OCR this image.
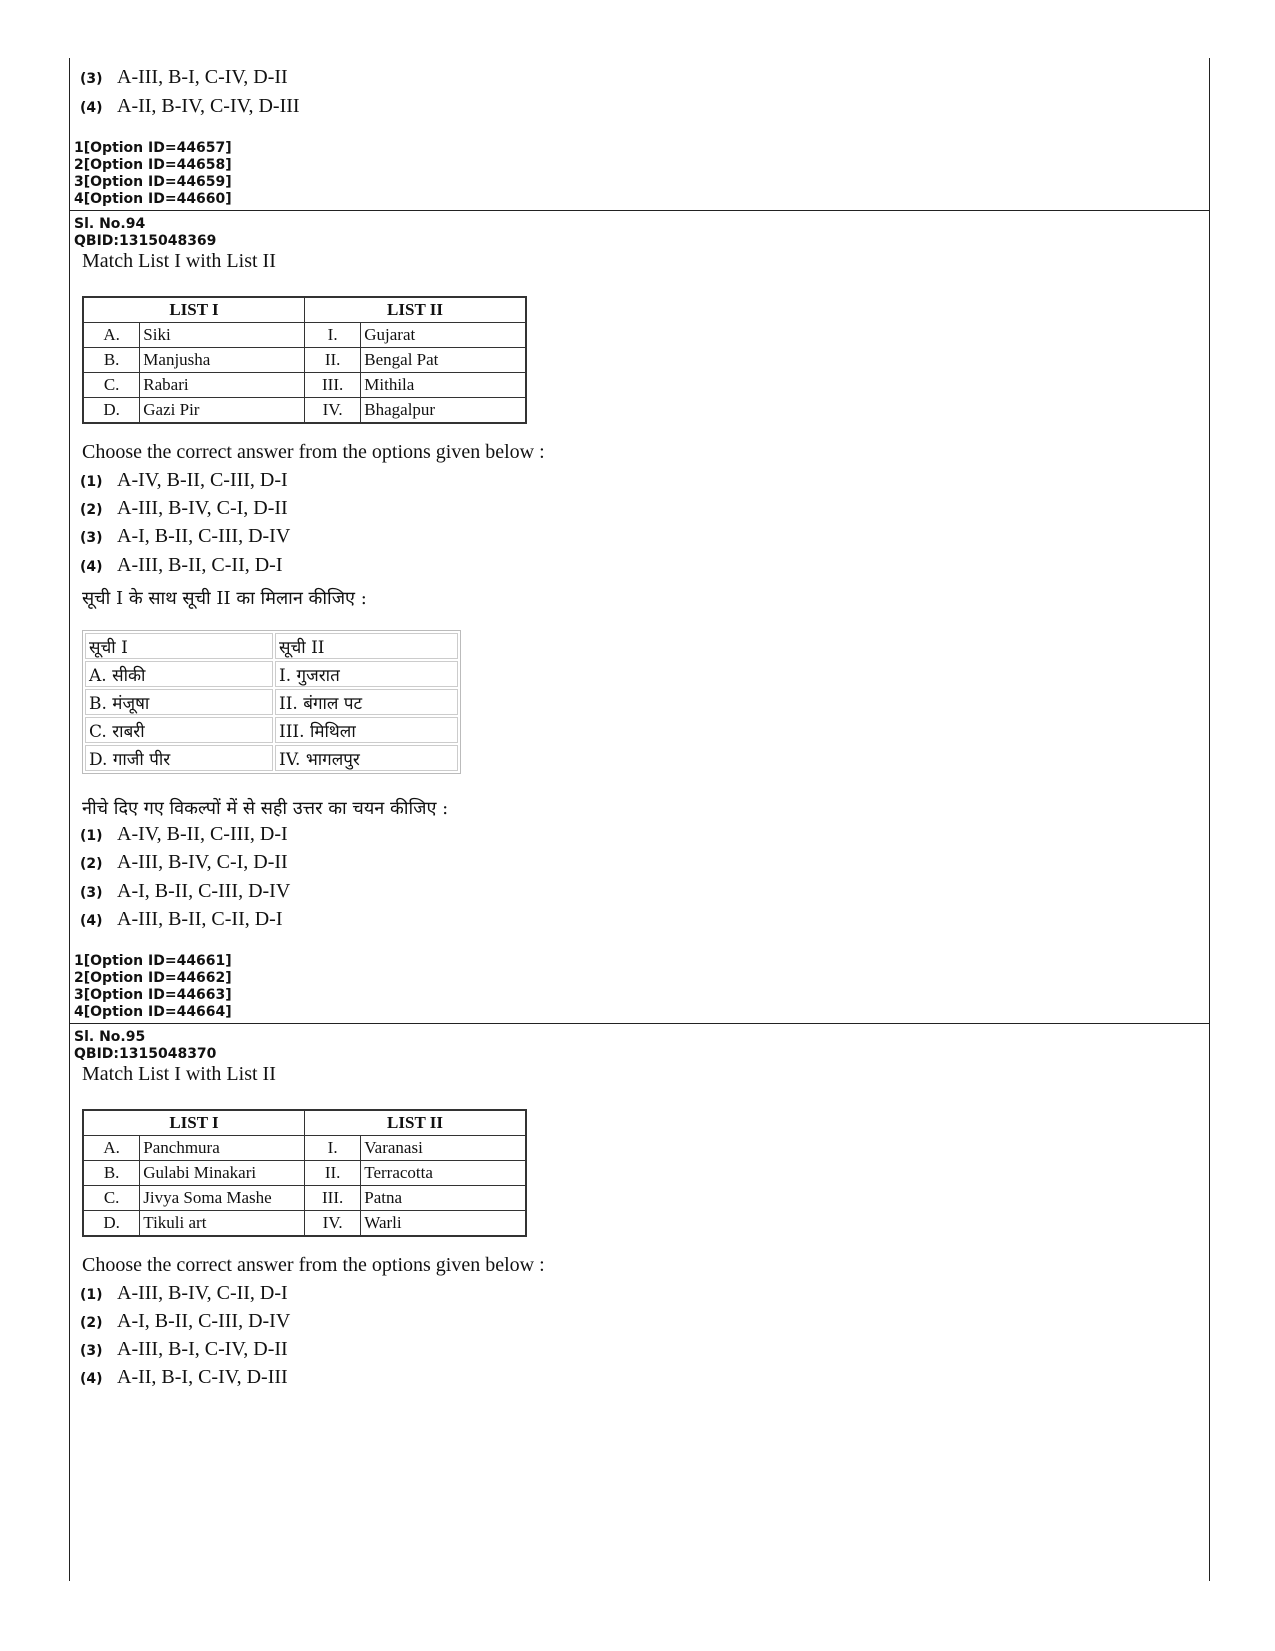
(3) A-III, B-I, C-IV, D-II
(4) A-II, B-IV, C-IV, D-III
1[Option ID=44657]
2[Option ID=44658]
3[Option ID=44659]
4[Option ID=44660]
Sl. No.94
QBID:1315048369
Match List I with List II
LIST I		LIST II	
A.	Siki	I.	Gujarat
B.	Manjusha	II.	Bengal Pat
C.	Rabari	III.	Mithila
D.	Gazi Pir	IV.	Bhagalpur
Choose the correct answer from the options given below :
(1) A-IV, B-II, C-III, D-I
(2) A-III, B-IV, C-I, D-II
(3) A-I, B-II, C-III, D-IV
(4) A-III, B-II, C-II, D-I
सूची I के साथ सूची II का मिलान कीजिए :
सूची I	सूची II
A. सीकी	I. गुजरात
B. मंजूषा	II. बंगाल पट
C. राबरी	III. मिथिला
D. गाजी पीर	IV. भागलपुर
नीचे दिए गए विकल्पों में से सही उत्तर का चयन कीजिए :
(1) A-IV, B-II, C-III, D-I
(2) A-III, B-IV, C-I, D-II
(3) A-I, B-II, C-III, D-IV
(4) A-III, B-II, C-II, D-I
1[Option ID=44661]
2[Option ID=44662]
3[Option ID=44663]
4[Option ID=44664]
Sl. No.95
QBID:1315048370
Match List I with List II
LIST I		LIST II	
A.	Panchmura	I.	Varanasi
B.	Gulabi Minakari	II.	Terracotta
C.	Jivya Soma Mashe	III.	Patna
D.	Tikuli art	IV.	Warli
Choose the correct answer from the options given below :
(1) A-III, B-IV, C-II, D-I
(2) A-I, B-II, C-III, D-IV
(3) A-III, B-I, C-IV, D-II
(4) A-II, B-I, C-IV, D-III
